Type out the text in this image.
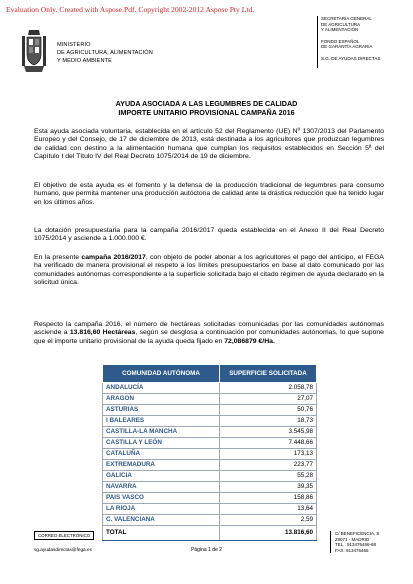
Evaluation Only. Created with Aspose.Pdf. Copyright 2002-2012 Aspose Pty Ltd.
MINISTERIO
DE AGRICULTURA, ALIMENTACIÓN
Y MEDIO AMBIENTE
SECRETARÍA GENERAL
DE AGRICULTURA
Y ALIMENTACIÓN
FONDO ESPAÑOL
DE GARANTÍA AGRARIA
S.G. DE AYUDAS DIRECTAS
AYUDA ASOCIADA A LAS LEGUMBRES DE CALIDAD
IMPORTE UNITARIO PROVISIONAL CAMPAÑA 2016
Esta ayuda asociada voluntaria, establecida en el artículo 52 del Reglamento (UE) Nº 1307/2013 del Parlamento Europeo y del Consejo, de 17 de diciembre de 2013, está destinada a los agricultores que produzcan legumbres de calidad con destino a la alimentación humana que cumplan los requisitos establecidos en Sección 5ª del Capítulo I del Título IV del Real Decreto 1075/2014 de 19 de diciembre.
El objetivo de esta ayuda es el fomento y la defensa de la producción tradicional de legumbres para consumo humano, que permita mantener una producción autóctona de calidad ante la drástica reducción que ha tenido lugar en los últimos años.
La dotación presupuestaria para la campaña 2016/2017 queda establecida en el Anexo II del Real Decreto 1075/2014 y asciende a 1.000.000 €.
En la presente campaña 2016/2017, con objeto de poder abonar a los agricultores el pago del anticipo, el FEGA ha verificado de manera provisional el respeto a los límites presupuestarios en base al dato comunicado por las comunidades autónomas correspondiente a la superficie solicitada bajo el citado régimen de ayuda declarado en la solicitud única.
Respecto la campaña 2016, el número de hectáreas solicitadas comunicadas por las comunidades autónomas asciende a 13.816,60 Hectáreas, según se desglosa a continuación por comunidades autónomas, lo que supone que el importe unitario provisional de la ayuda queda fijado en 72,086879 €/Ha.
COMUNIDAD AUTÓNOMA	SUPERFICIE SOLICITADA
ANDALUCÍA	2.058,78
ARAGON	27,07
ASTURIAS	50,76
I BALEARES	18,73
CASTILLA-LA MANCHA	3.545,98
CASTILLA Y LEÓN	7.448,66
CATALUÑA	173,13
EXTREMADURA	223,77
GALICIA	55,28
NAVARRA	39,35
PAIS VASCO	158,86
LA RIOJA	13,64
C. VALENCIANA	2,59
TOTAL	13.816,60
CORREO ELECTRÓNICO
sg.ayudasdirectas@fega.es	Página 1 de 2
C/ BENEFICENCIA, 8
28071 - MADRID
TEL.: 913476466-68
FAX: 913476465
